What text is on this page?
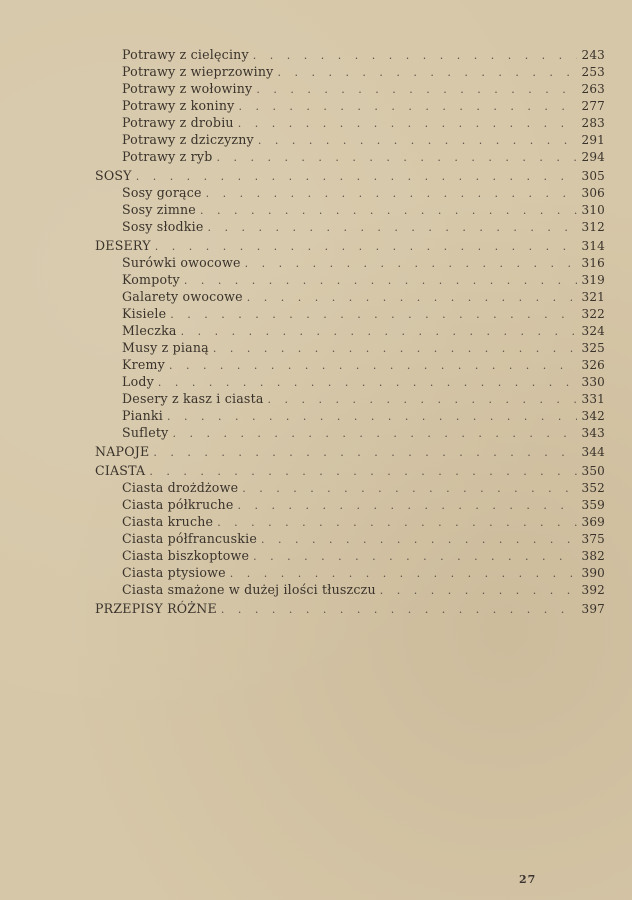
Potrawy z cielęciny . . .	243
Potrawy z wieprzowiny . . .	253
Potrawy z wołowiny . . .	263
Potrawy z koniny . . .	277
Potrawy z drobiu . . .	283
Potrawy z dziczyzny . . .	291
Potrawy z ryb . . .	294
SOSY . . .	305
Sosy gorące . . .	306
Sosy zimne . . .	310
Sosy słodkie . . .	312
DESERY . . .	314
Surówki owocowe . . .	316
Kompoty . . .	319
Galarety owocowe . . .	321
Kisiele . . .	322
Mleczka . . .	324
Musy z pianą . . .	325
Kremy . . .	326
Lody . . .	330
Desery z kasz i ciasta . . .	331
Pianki . . .	342
Suflety . . .	343
NAPOJE . . .	344
CIASTA . . .	350
Ciasta drożdżowe . . .	352
Ciasta półkruche . . .	359
Ciasta kruche . . .	369
Ciasta półfrancuskie . . .	375
Ciasta biszkoptowe . . .	382
Ciasta ptysiowe . . .	390
Ciasta smażone w dużej ilości tłuszczu . . .	392
PRZEPISY RÓŻNE . . .	397
27
